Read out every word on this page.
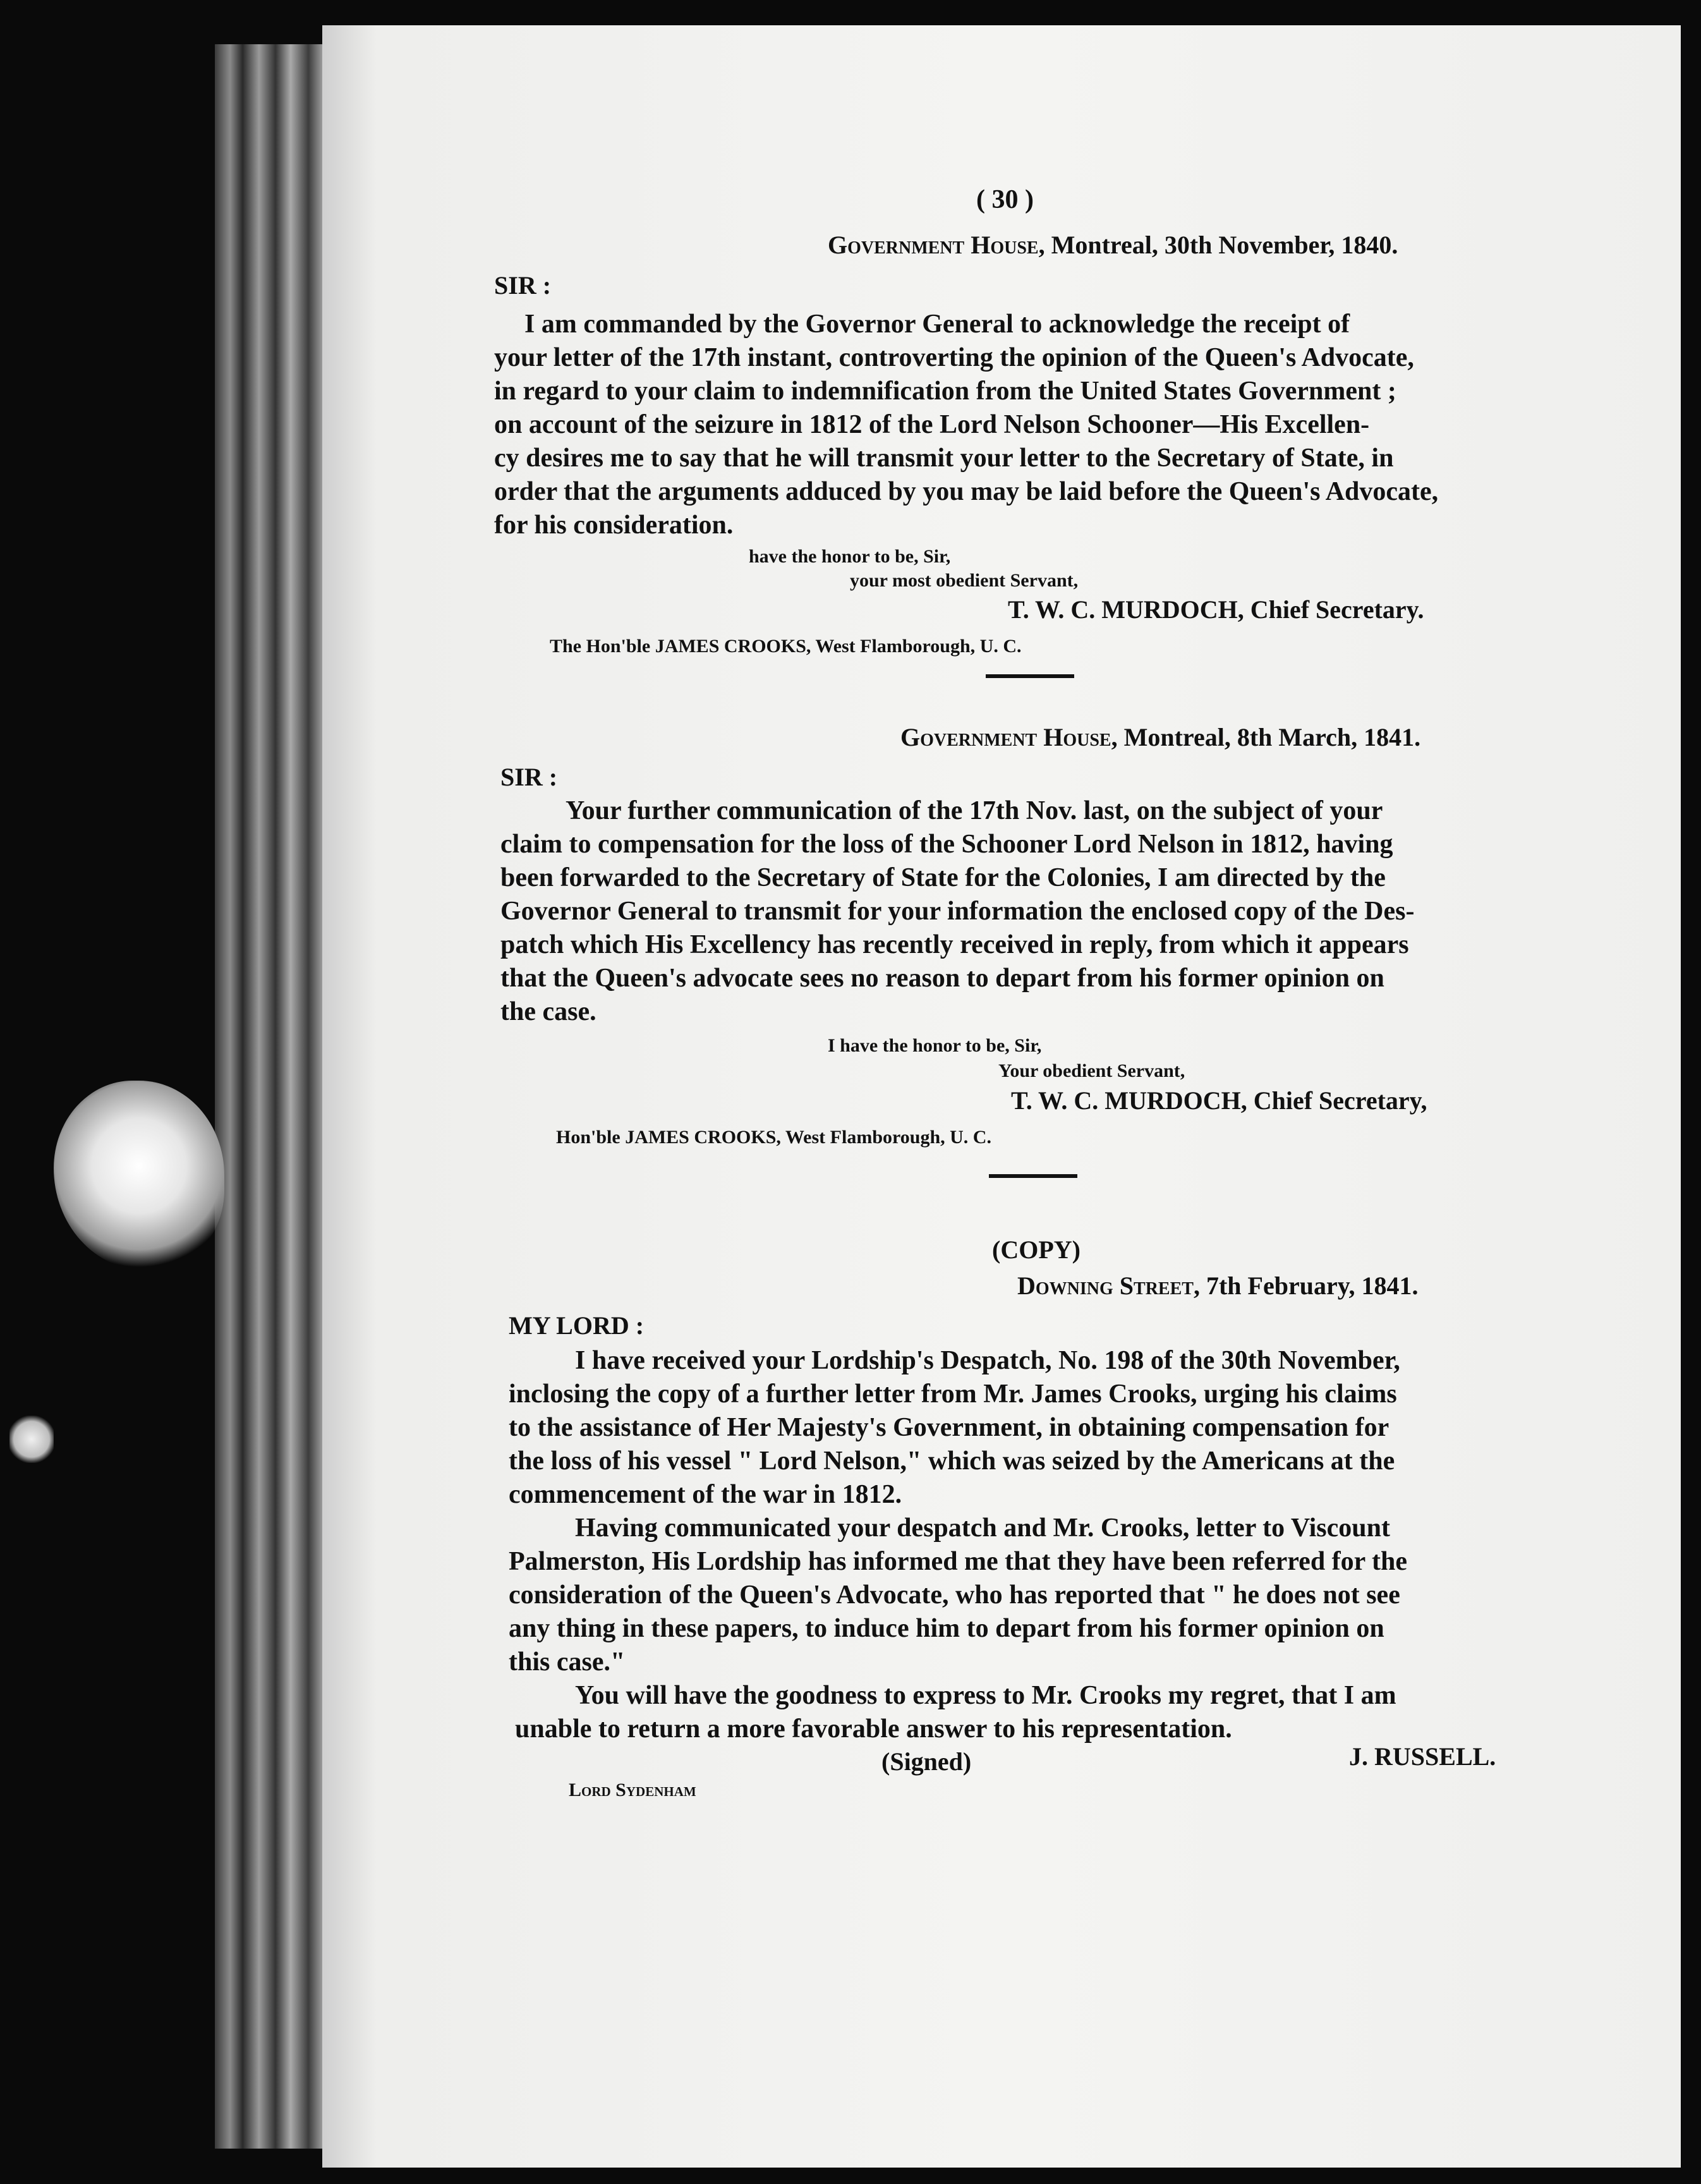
( 30 )

Government House, Montreal, 30th November, 1840.

SIR :

I am commanded by the Governor General to acknowledge the receipt of

your letter of the 17th instant, controverting the opinion of the Queen's Advocate,

in regard to your claim to indemnification from the United States Government ;

on account of the seizure in 1812 of the Lord Nelson Schooner—His Excellen-

cy desires me to say that he will transmit your letter to the Secretary of State, in

order that the arguments adduced by you may be laid before the Queen's Advocate,

for his consideration.

have the honor to be, Sir,

your most obedient Servant,

T. W. C. MURDOCH, Chief Secretary.

The Hon'ble JAMES CROOKS, West Flamborough, U. C.

Government House, Montreal, 8th March, 1841.

SIR :

Your further communication of the 17th Nov. last, on the subject of your

claim to compensation for the loss of the Schooner Lord Nelson in 1812, having

been forwarded to the Secretary of State for the Colonies, I am directed by the

Governor General to transmit for your information the enclosed copy of the Des-

patch which His Excellency has recently received in reply, from which it appears

that the Queen's advocate sees no reason to depart from his former opinion on

the case.

I have the honor to be, Sir,

Your obedient Servant,

T. W. C. MURDOCH, Chief Secretary,

Hon'ble JAMES CROOKS, West Flamborough, U. C.

(COPY)

Downing Street, 7th February, 1841.

MY LORD :

I have received your Lordship's Despatch, No. 198 of the 30th November,

inclosing the copy of a further letter from Mr. James Crooks, urging his claims

to the assistance of Her Majesty's Government, in obtaining compensation for

the loss of his vessel " Lord Nelson," which was seized by the Americans at the

commencement of the war in 1812.

Having communicated your despatch and Mr. Crooks, letter to Viscount

Palmerston, His Lordship has informed me that they have been referred for the

consideration of the Queen's Advocate, who has reported that " he does not see

any thing in these papers, to induce him to depart from his former opinion on

this case."

You will have the goodness to express to Mr. Crooks my regret, that I am

unable to return a more favorable answer to his representation.

(Signed)	J. RUSSELL.

Lord Sydenham
